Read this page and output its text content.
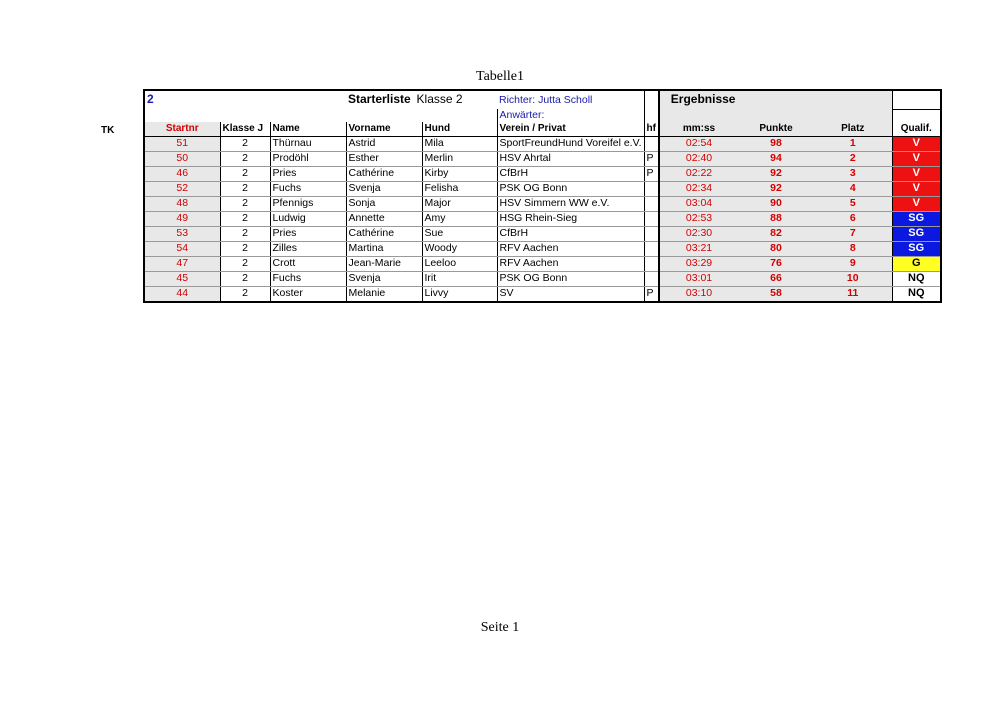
Tabelle1
TK
2			Starterliste Klasse 2		Richter: Jutta Scholl		Ergebnisse			
					Anwärter:					
Startnr	Klasse J	Name	Vorname	Hund	Verein / Privat	hf	mm:ss	Punkte	Platz	Qualif.
51	2	Thürnau	Astrid	Mila	SportFreundHund Voreifel e.V.		02:54	98	1	V
50	2	Prodöhl	Esther	Merlin	HSV Ahrtal	P	02:40	94	2	V
46	2	Pries	Cathérine	Kirby	CfBrH	P	02:22	92	3	V
52	2	Fuchs	Svenja	Felisha	PSK OG Bonn		02:34	92	4	V
48	2	Pfennigs	Sonja	Major	HSV Simmern WW e.V.		03:04	90	5	V
49	2	Ludwig	Annette	Amy	HSG Rhein-Sieg		02:53	88	6	SG
53	2	Pries	Cathérine	Sue	CfBrH		02:30	82	7	SG
54	2	Zilles	Martina	Woody	RFV Aachen		03:21	80	8	SG
47	2	Crott	Jean-Marie	Leeloo	RFV Aachen		03:29	76	9	G
45	2	Fuchs	Svenja	Irit	PSK OG Bonn		03:01	66	10	NQ
44	2	Koster	Melanie	Livvy	SV	P	03:10	58	11	NQ
Seite 1
